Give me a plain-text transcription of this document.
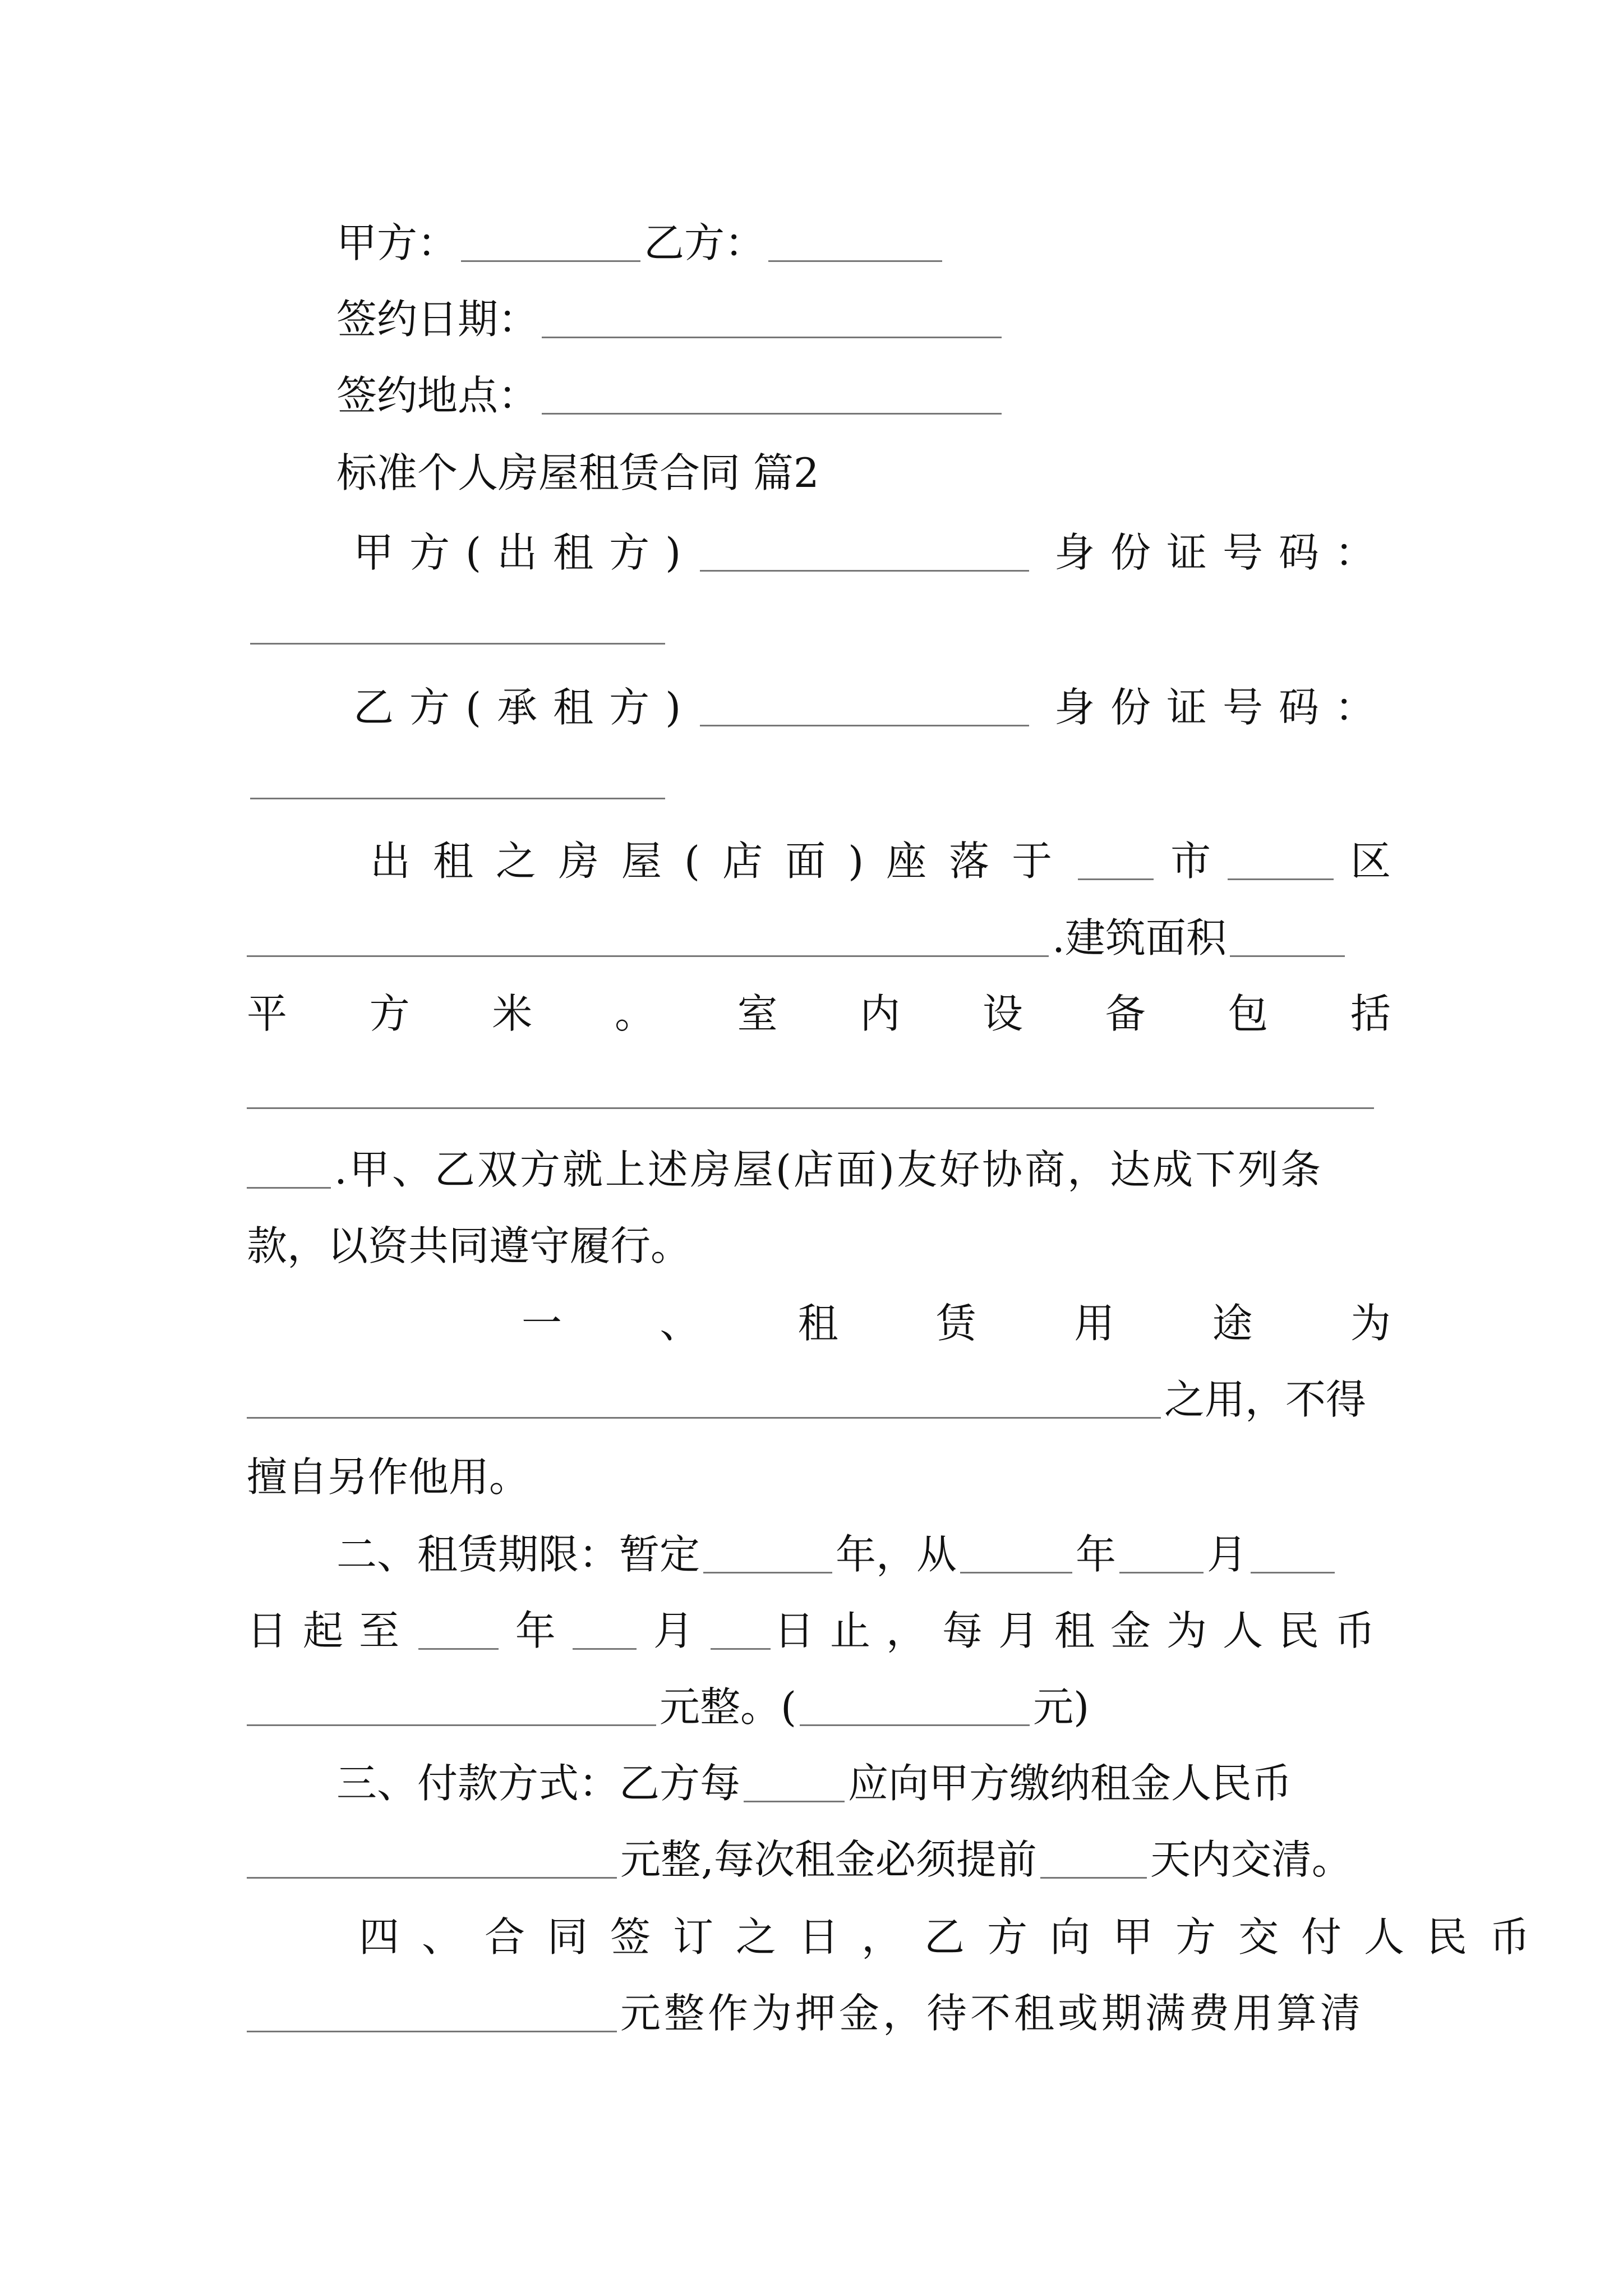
甲方：	乙方：
签约日期：
签约地点：
标准个人房屋租赁合同 篇2
甲方(出租方)	身份证号码：
乙方(承租方)	身份证号码：
出租之房屋(店面)座落于 市	区
.建筑面积
平 方 米 。 室 内 设 备 包 括
.甲、乙双方就上述房屋(店面)友好协商，达成下列条
款，以资共同遵守履行。
一 、 租 赁 用 途 为
之用，不得
擅自另作他用。
二、租赁期限：暂定	年，从	年 月
日起至 年 月 日止，每月租金为人民币
元整。(	元)
三、付款方式：乙方每	应向甲方缴纳租金人民币
元整,每次租金必须提前	天内交清。
四、合同签订之日，乙方向甲方交付人民币
元整作为押金，待不租或期满费用算清
